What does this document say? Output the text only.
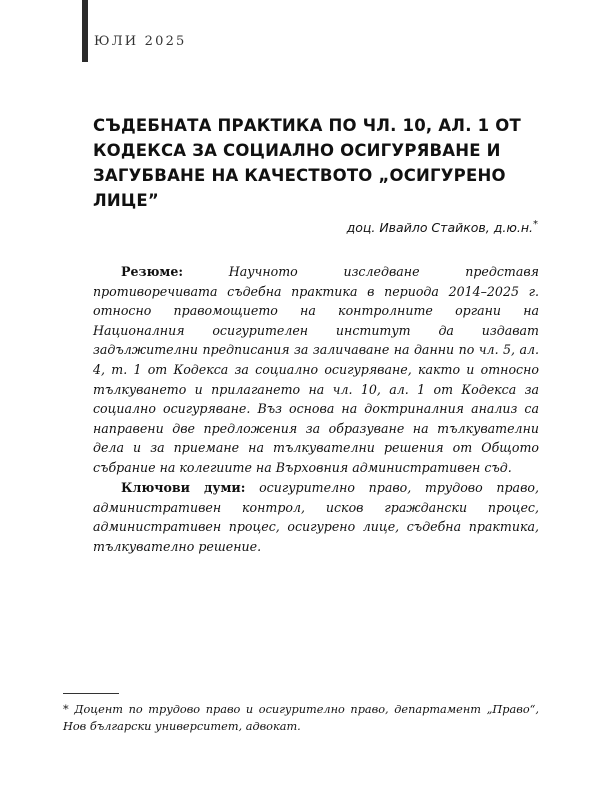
ЮЛИ 2025
СЪДЕБНАТА ПРАКТИКА ПО ЧЛ. 10, АЛ. 1 ОТ КОДЕКСА ЗА СОЦИАЛНО ОСИГУРЯВАНЕ И ЗАГУБВАНЕ НА КАЧЕСТВОТО „ОСИГУРЕНО ЛИЦЕ”
доц. Ивайло Стайков, д.ю.н.*

Резюме:	Научното изследване представя противоречивата съдебна практика в периода 2014–2025 г. относно правомощието на контролните органи на Националния осигурителен институт да издават задължителни предписания за заличаване на данни по чл. 5, ал. 4, т. 1 от Кодекса за социално осигуряване, както и относно тълкуването и прилагането на чл. 10, ал. 1 от Кодекса за социално осигуряване. Въз основа на доктриналния анализ са направени две предложения за образуване на тълкувателни дела и за приемане на тълкувателни решения от Общото събрание на колегиите на Върховния административен съд.

Ключови думи: осигурително право, трудово право, административен контрол, исков граждански процес, административен процес, осигурено лице, съдебна практика, тълкувателно решение.

* Доцент по трудово право и осигурително право, департамент „Право“, Нов български университет, адвокат.
